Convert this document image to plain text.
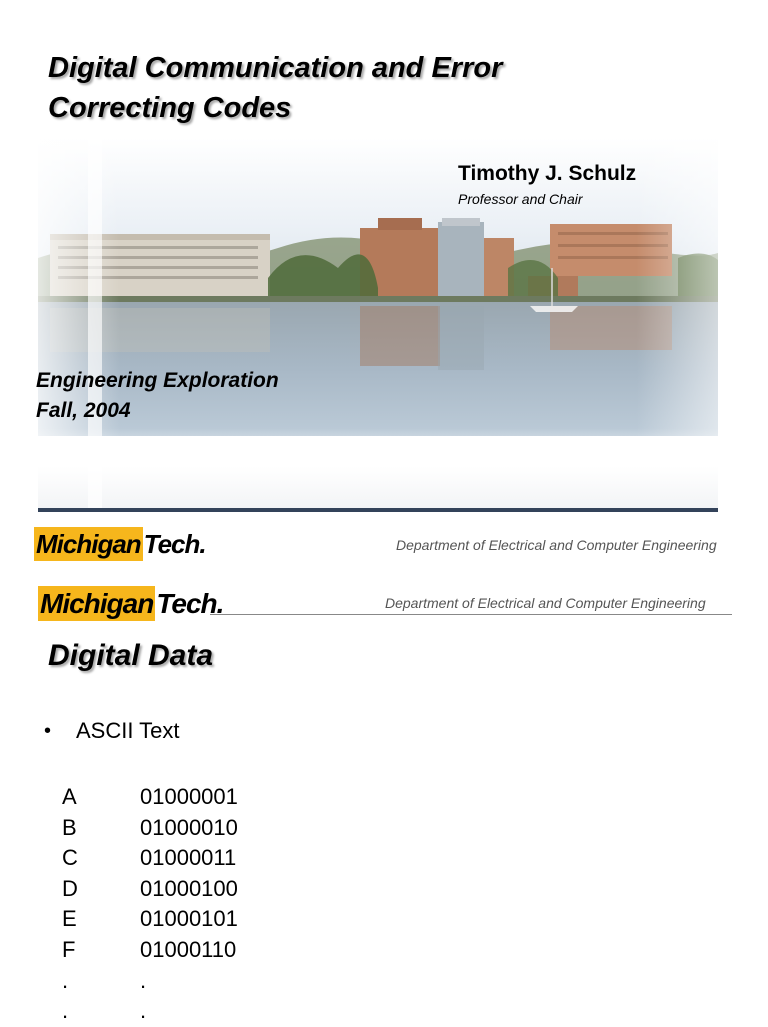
Digital Communication and Error
Correcting Codes
Timothy J. Schulz
Professor and Chair
Engineering Exploration
Fall, 2004
Michigan Tech.	Department of Electrical and Computer Engineering
Michigan Tech.	Department of Electrical and Computer Engineering
Digital Data
• ASCII Text
A	01000001
B	01000010
C	01000011
D	01000100
E	01000101
F	01000110
.	.
.	.
